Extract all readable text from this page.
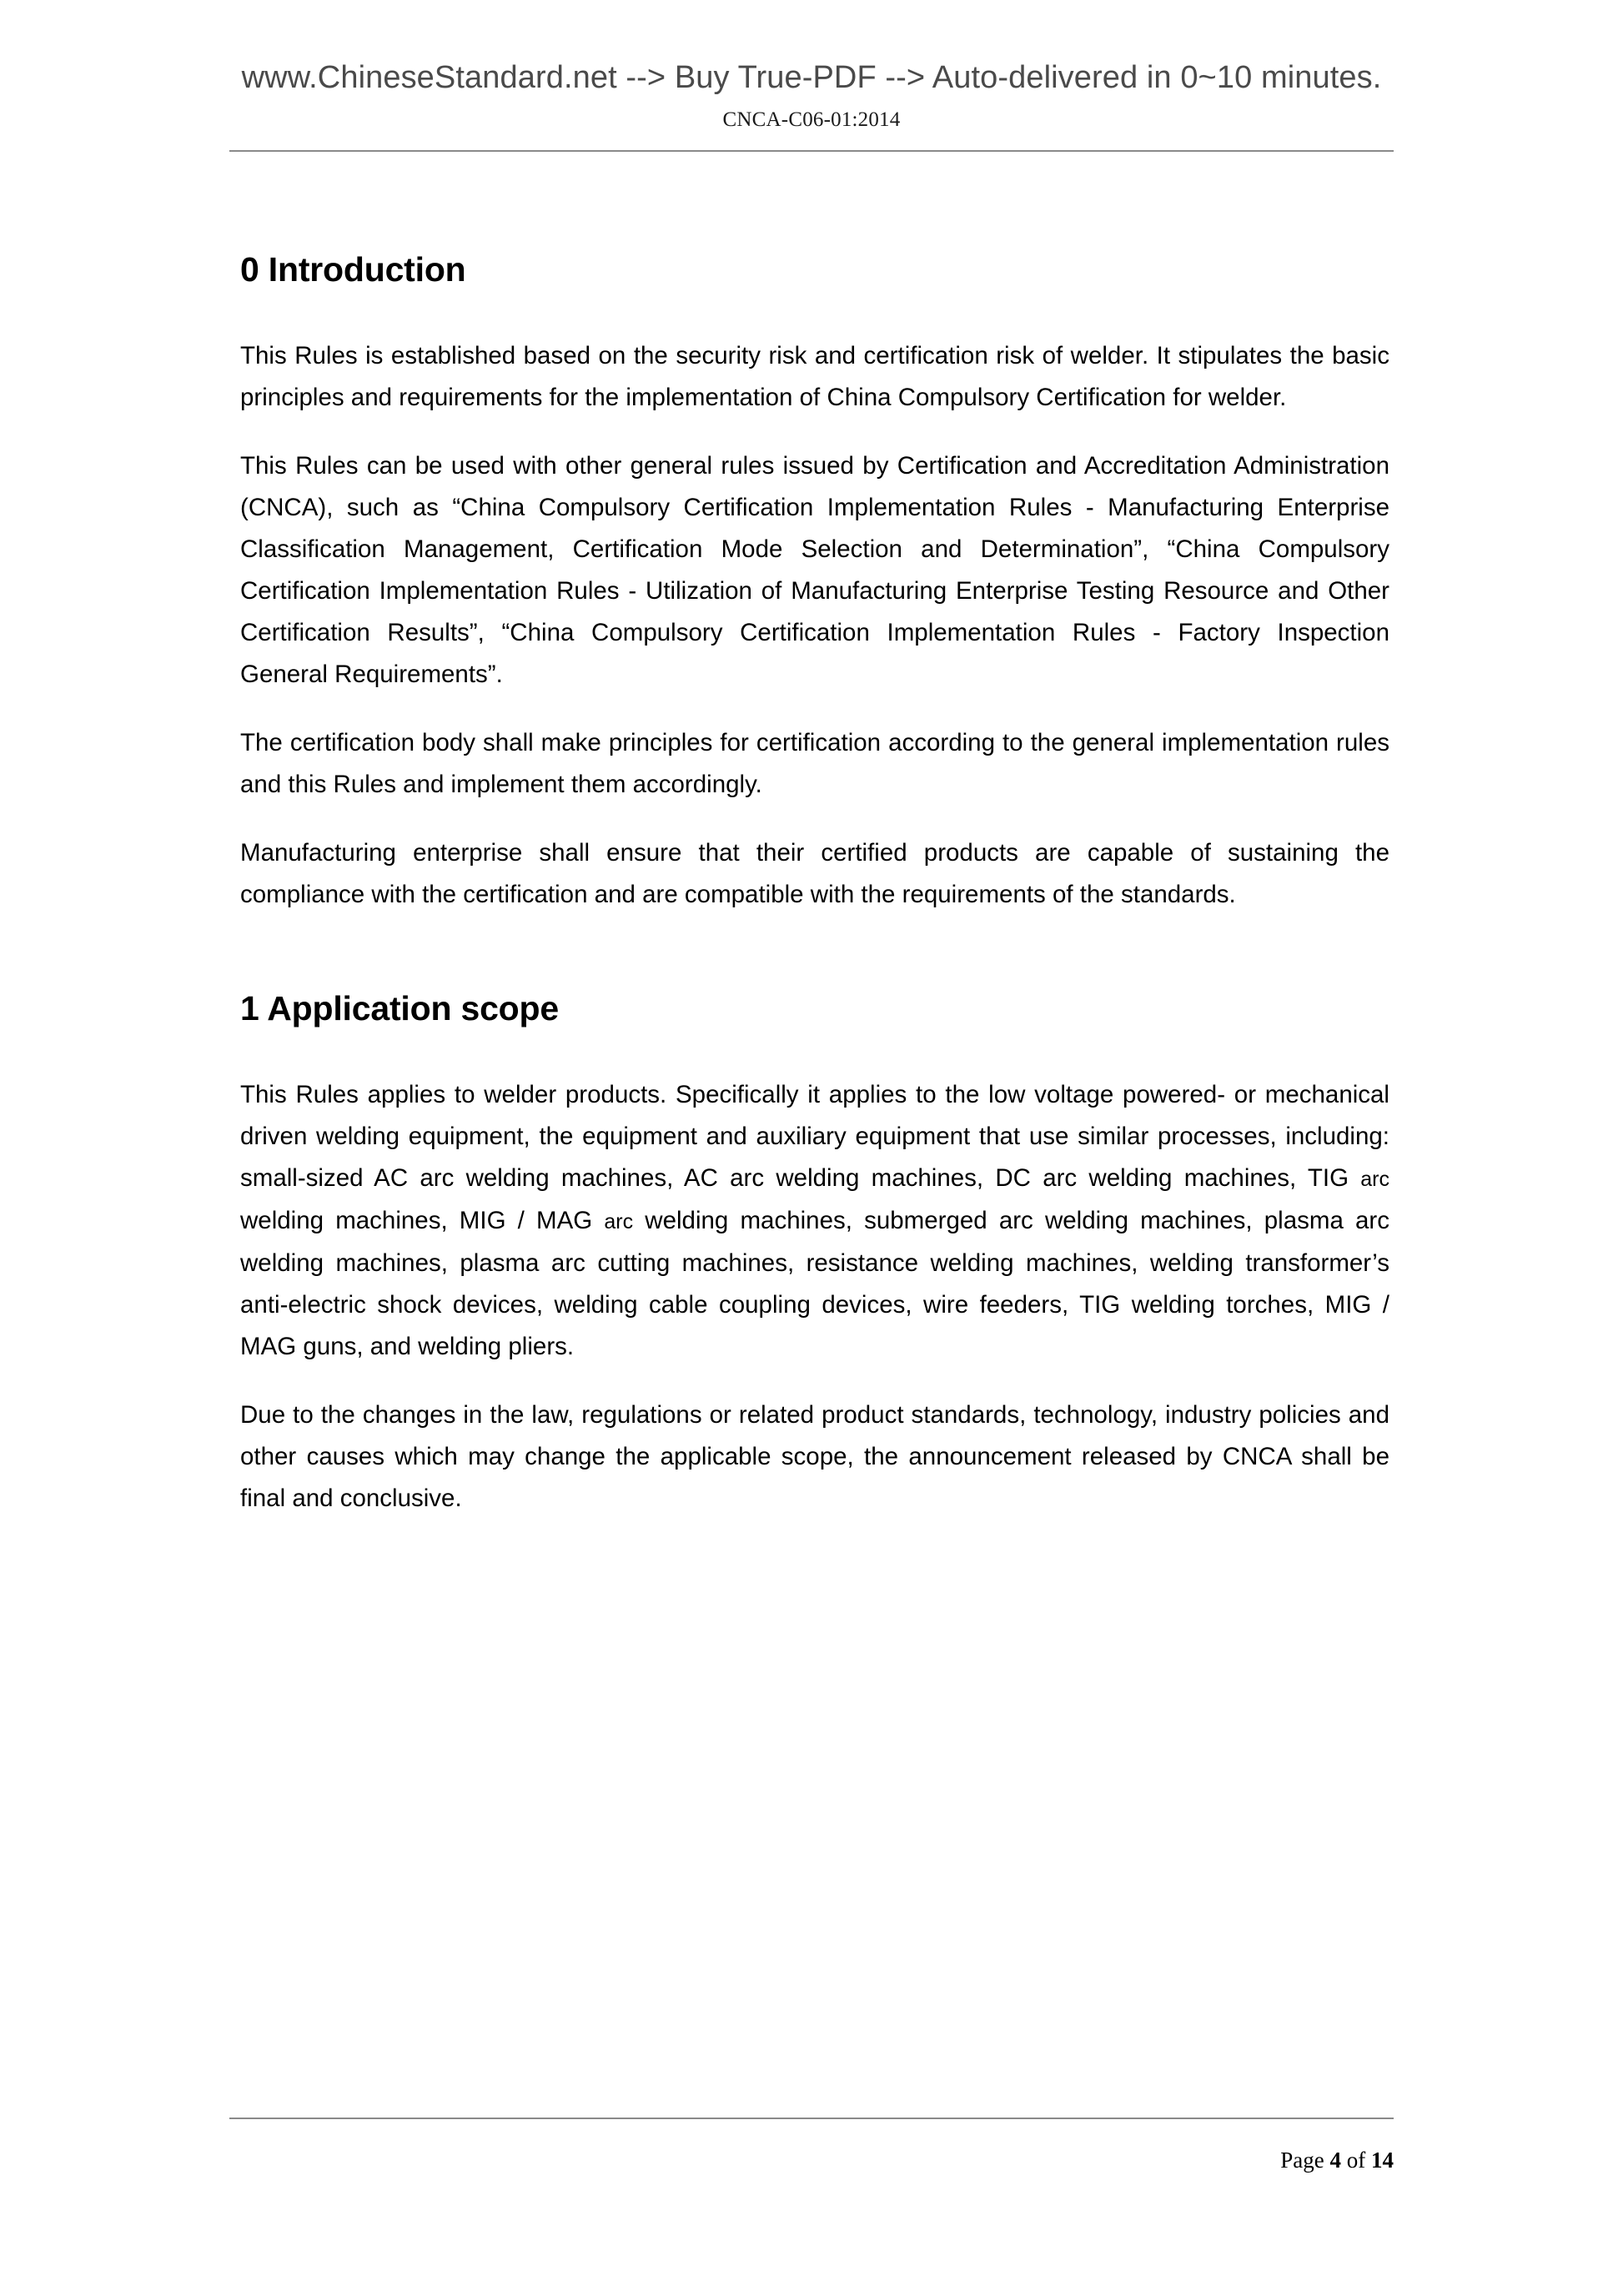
www.ChineseStandard.net --> Buy True-PDF --> Auto-delivered in 0~10 minutes.
CNCA-C06-01:2014
0 Introduction

This Rules is established based on the security risk and certification risk of welder. It stipulates the basic principles and requirements for the implementation of China Compulsory Certification for welder.

This Rules can be used with other general rules issued by Certification and Accreditation Administration (CNCA), such as “China Compulsory Certification Implementation Rules - Manufacturing Enterprise Classification Management, Certification Mode Selection and Determination”, “China Compulsory Certification Implementation Rules - Utilization of Manufacturing Enterprise Testing Resource and Other Certification Results”, “China Compulsory Certification Implementation Rules - Factory Inspection General Requirements”.

The certification body shall make principles for certification according to the general implementation rules and this Rules and implement them accordingly.

Manufacturing enterprise shall ensure that their certified products are capable of sustaining the compliance with the certification and are compatible with the requirements of the standards.

1 Application scope

This Rules applies to welder products. Specifically it applies to the low voltage powered- or mechanical driven welding equipment, the equipment and auxiliary equipment that use similar processes, including: small-sized AC arc welding machines, AC arc welding machines, DC arc welding machines, TIG arc welding machines, MIG / MAG arc welding machines, submerged arc welding machines, plasma arc welding machines, plasma arc cutting machines, resistance welding machines, welding transformer’s anti-electric shock devices, welding cable coupling devices, wire feeders, TIG welding torches, MIG / MAG guns, and welding pliers.

Due to the changes in the law, regulations or related product standards, technology, industry policies and other causes which may change the applicable scope, the announcement released by CNCA shall be final and conclusive.

Page 4 of 14
